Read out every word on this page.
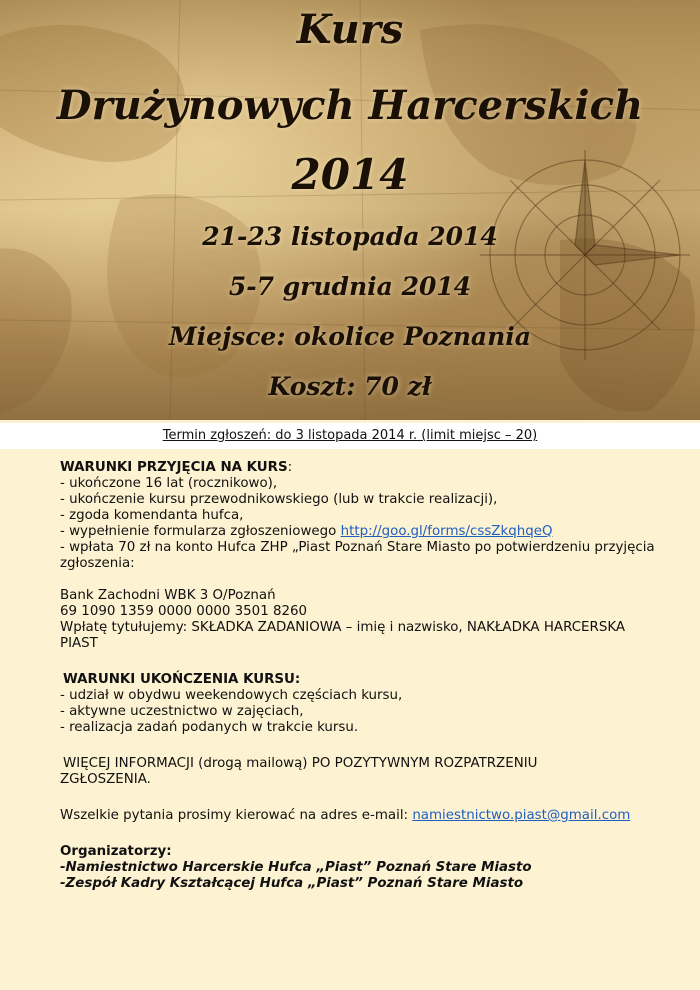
Kurs
Drużynowych Harcerskich
2014
21-23 listopada 2014
5-7 grudnia 2014
Miejsce: okolice Poznania
Koszt: 70 zł
Termin zgłoszeń: do 3 listopada 2014 r. (limit miejsc – 20)

WARUNKI PRZYJĘCIA NA KURS:

- ukończone 16 lat (rocznikowo),

- ukończenie kursu przewodnikowskiego (lub w trakcie realizacji),

- zgoda komendanta hufca,

- wypełnienie formularza zgłoszeniowego http://goo.gl/forms/cssZkqhqeQ

- wpłata 70 zł na konto Hufca ZHP „Piast Poznań Stare Miasto po potwierdzeniu przyjęcia

zgłoszenia:

Bank Zachodni WBK 3 O/Poznań

69 1090 1359 0000 0000 3501 8260

Wpłatę tytułujemy: SKŁADKA ZADANIOWA – imię i nazwisko, NAKŁADKA HARCERSKA

PIAST

WARUNKI UKOŃCZENIA KURSU:

- udział w obydwu weekendowych częściach kursu,

- aktywne uczestnictwo w zajęciach,

- realizacja zadań podanych w trakcie kursu.

WIĘCEJ INFORMACJI (drogą mailową) PO POZYTYWNYM ROZPATRZENIU

ZGŁOSZENIA.

Wszelkie pytania prosimy kierować na adres e-mail: namiestnictwo.piast@gmail.com

Organizatorzy:

-Namiestnictwo Harcerskie Hufca „Piast” Poznań Stare Miasto

-Zespół Kadry Kształcącej Hufca „Piast” Poznań Stare Miasto
